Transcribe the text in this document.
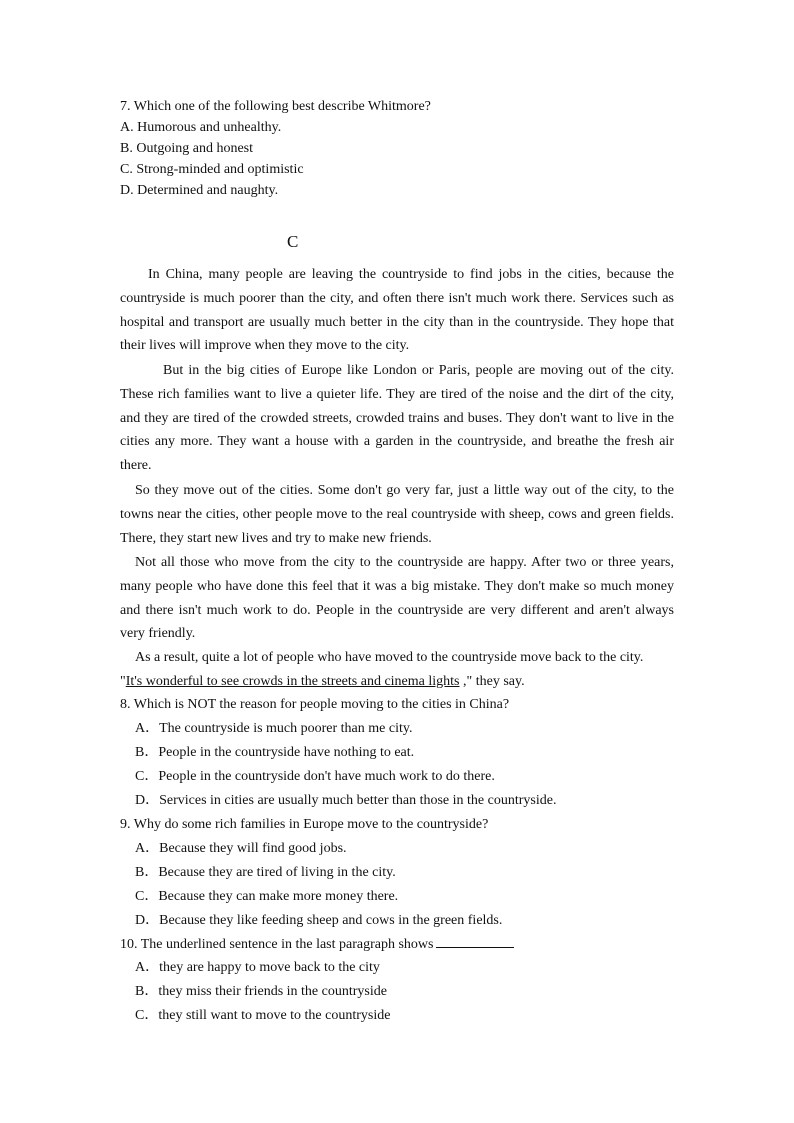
7. Which one of the following best describe Whitmore?
A. Humorous and unhealthy.
B. Outgoing and honest
C. Strong-minded and optimistic
D. Determined and naughty.
C

In China, many people are leaving the countryside to find jobs in the cities, because the countryside is much poorer than the city, and often there isn't much work there. Services such as hospital and transport are usually much better in the city than in the countryside. They hope that their lives will improve when they move to the city.

But in the big cities of Europe like London or Paris, people are moving out of the city. These rich families want to live a quieter life. They are tired of the noise and the dirt of the city, and they are tired of the crowded streets, crowded trains and buses. They don't want to live in the cities any more. They want a house with a garden in the countryside, and breathe the fresh air there.

So they move out of the cities. Some don't go very far, just a little way out of the city, to the towns near the cities, other people move to the real countryside with sheep, cows and green fields. There, they start new lives and try to make new friends.

Not all those who move from the city to the countryside are happy. After two or three years, many people who have done this feel that it was a big mistake. They don't make so much money and there isn't much work to do. People in the countryside are very different and aren't always very friendly.

As a result, quite a lot of people who have moved to the countryside move back to the city.
"It's wonderful to see crowds in the streets and cinema lights ," they say.

8. Which is NOT the reason for people moving to the cities in China?
A．The countryside is much poorer than me city.
B．People in the countryside have nothing to eat.
C．People in the countryside don't have much work to do there.
D．Services in cities are usually much better than those in the countryside.
9. Why do some rich families in Europe move to the countryside?
A．Because they will find good jobs.
B．Because they are tired of living in the city.
C．Because they can make more money there.
D．Because they like feeding sheep and cows in the green fields.
10. The underlined sentence in the last paragraph shows
A．they are happy to move back to the city
B．they miss their friends in the countryside
C．they still want to move to the countryside
